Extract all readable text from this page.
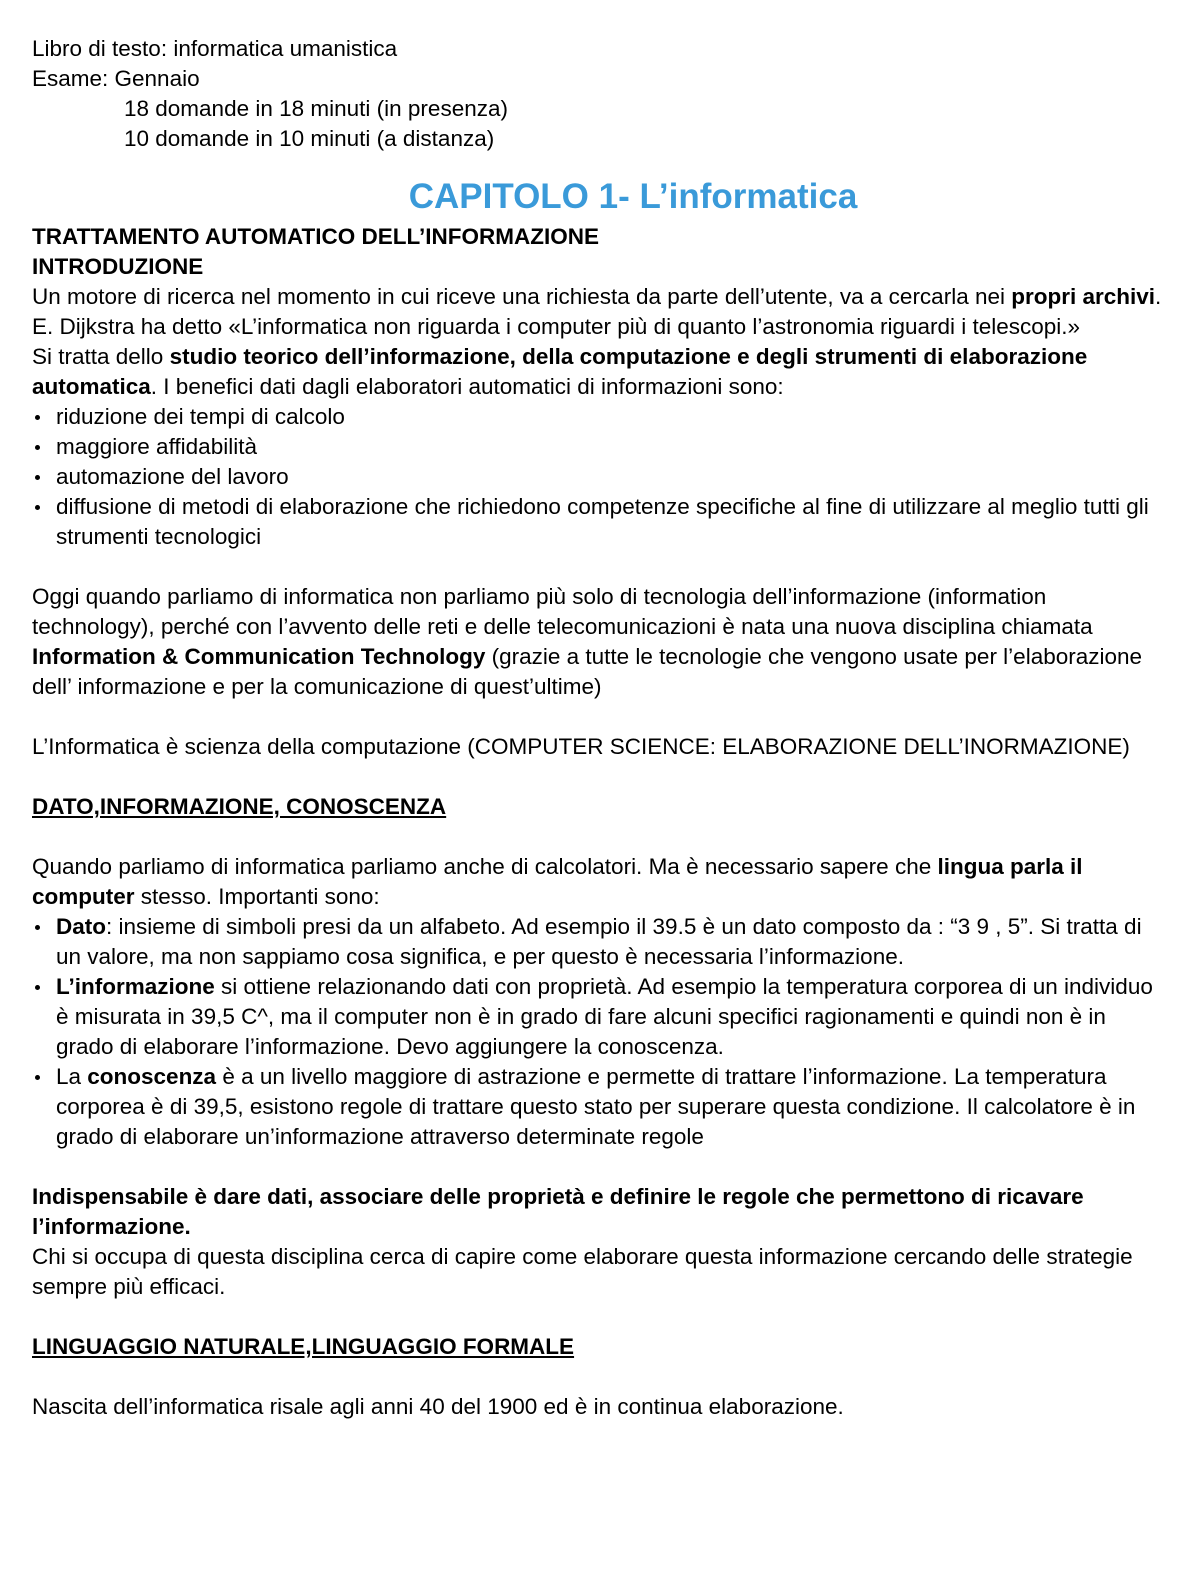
Libro di testo: informatica umanistica

Esame: Gennaio

18 domande in 18 minuti (in presenza)

10 domande in 10 minuti (a distanza)

CAPITOLO 1- L’informatica

TRATTAMENTO AUTOMATICO DELL’INFORMAZIONE

INTRODUZIONE

Un motore di ricerca nel momento in cui riceve una richiesta da parte dell’utente, va a cercarla nei propri archivi.

E. Dijkstra ha detto «L’informatica non riguarda i computer più di quanto l’astronomia riguardi i telescopi.»

Si tratta dello studio teorico dell’informazione, della computazione e degli strumenti di elaborazione automatica. I benefici dati dagli elaboratori automatici di informazioni sono:

riduzione dei tempi di calcolo
maggiore affidabilità
automazione del lavoro
diffusione di metodi di elaborazione che richiedono competenze specifiche al fine di utilizzare al meglio tutti gli strumenti tecnologici

Oggi quando parliamo di informatica non parliamo più solo di tecnologia dell’informazione (information technology), perché con l’avvento delle reti e delle telecomunicazioni è nata una nuova disciplina chiamata Information & Communication Technology (grazie a tutte le tecnologie che vengono usate per l’elaborazione dell’ informazione e per la comunicazione di quest’ultime)

L’Informatica è scienza della computazione (COMPUTER SCIENCE: ELABORAZIONE DELL’INORMAZIONE)

DATO,INFORMAZIONE, CONOSCENZA

Quando parliamo di informatica parliamo anche di calcolatori. Ma è necessario sapere che lingua parla il computer stesso. Importanti sono:

Dato: insieme di simboli presi da un alfabeto. Ad esempio il 39.5 è un dato composto da : “3 9 , 5”. Si tratta di un valore, ma non sappiamo cosa significa, e per questo è necessaria l’informazione.
L’informazione si ottiene relazionando dati con proprietà. Ad esempio la temperatura corporea di un individuo è misurata in 39,5 C^, ma il computer non è in grado di fare alcuni specifici ragionamenti e quindi non è in grado di elaborare l’informazione. Devo aggiungere la conoscenza.
La conoscenza è a un livello maggiore di astrazione e permette di trattare l’informazione. La temperatura corporea è di 39,5, esistono regole di trattare questo stato per superare questa condizione. Il calcolatore è in grado di elaborare un’informazione attraverso determinate regole

Indispensabile è dare dati, associare delle proprietà e definire le regole che permettono di ricavare l’informazione.

Chi si occupa di questa disciplina cerca di capire come elaborare questa informazione cercando delle strategie sempre più efficaci.

LINGUAGGIO NATURALE,LINGUAGGIO FORMALE

Nascita dell’informatica risale agli anni 40 del 1900 ed è in continua elaborazione.
